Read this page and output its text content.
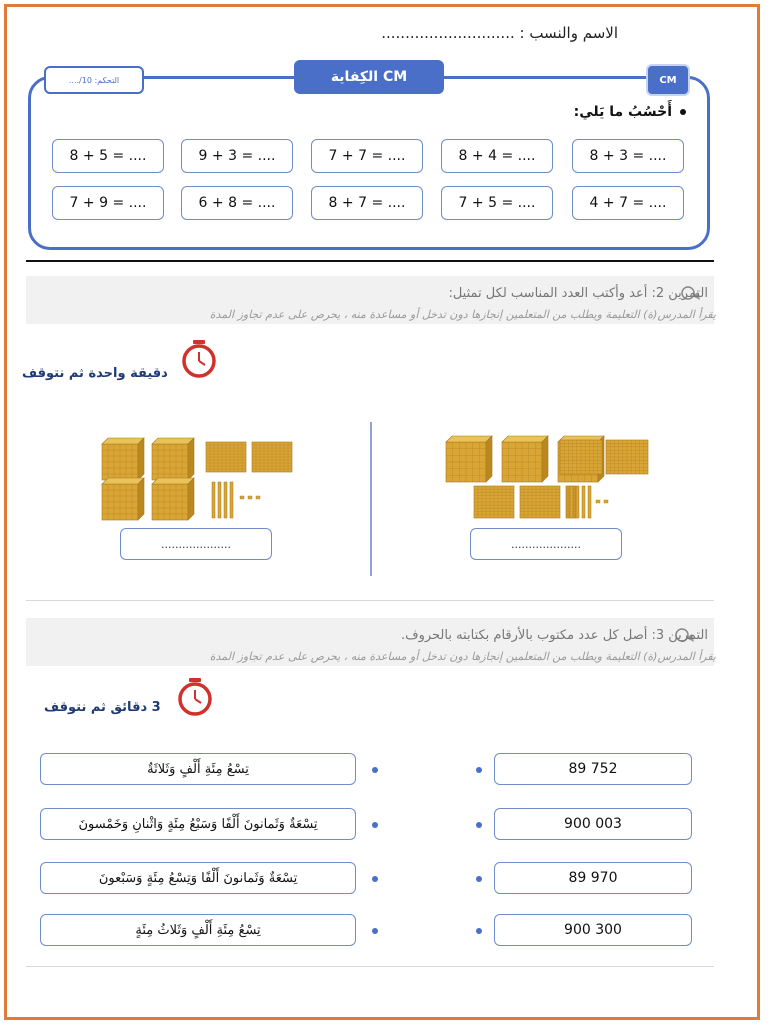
الاسم والنسب : ............................
الكِفاية CM
التحكم: 10/....	CM
أَحْسُبُ ما يَلي:
8 + 3 = ....
8 + 4 = ....
7 + 7 = ....
9 + 3 = ....
8 + 5 = ....
4 + 7 = ....
7 + 5 = ....
8 + 7 = ....
6 + 8 = ....
7 + 9 = ....
التمرين 2: أعد وأكتب العدد المناسب لكل تمثيل:
يقرأ المدرس(ة) التعليمة ويطلب من المتعلمين إنجازها دون تدخل أو مساعدة منه ، يحرص على عدم تجاوز المدة
دقيقة واحدة ثم نتوقف
....................	....................
التمرين 3: أصل كل عدد مكتوب بالأرقام بكتابته بالحروف.
يقرأ المدرس(ة) التعليمة ويطلب من المتعلمين إنجازها دون تدخل أو مساعدة منه ، يحرص على عدم تجاوز المدة
3 دقائق ثم نتوقف
تِسْعُ مِئَةِ أَلْفٍ وَثَلاثَةٌ
تِسْعَةٌ وَثَمانونَ أَلْفًا وَسَبْعُ مِئَةٍ وَاثْنانِ وَخَمْسونَ
تِسْعَةٌ وَثَمانونَ أَلْفًا وَتِسْعُ مِئَةٍ وَسَبْعونَ
تِسْعُ مِئَةِ أَلْفٍ وَثَلاثُ مِئَةٍ
89 752
900 003
89 970
900 300
